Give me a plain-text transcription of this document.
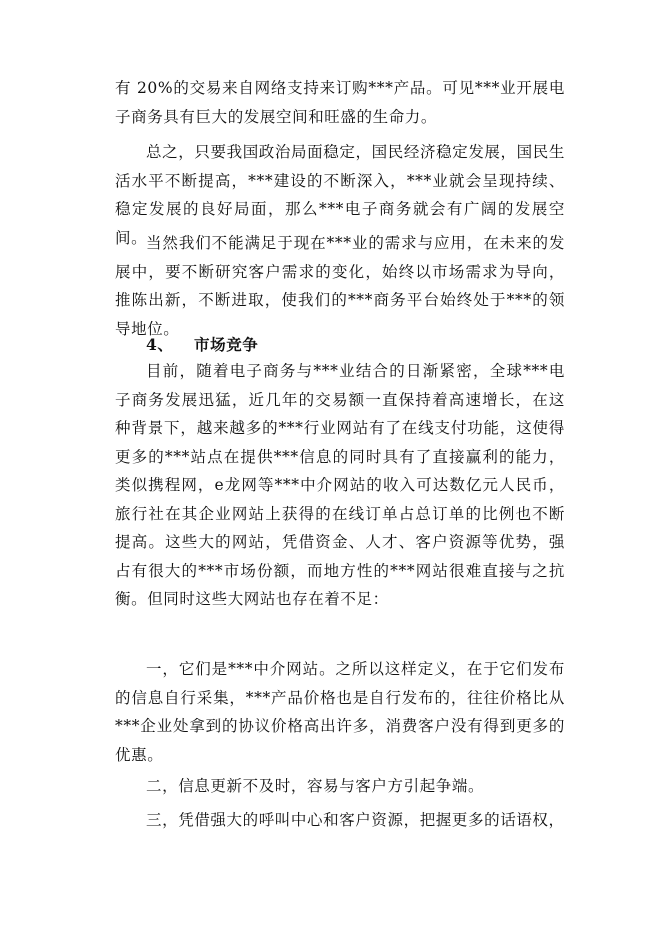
有 20%的交易来自网络支持来订购***产品。可见***业开展电子商务具有巨大的发展空间和旺盛的生命力。

总之，只要我国政治局面稳定，国民经济稳定发展，国民生活水平不断提高，***建设的不断深入，***业就会呈现持续、稳定发展的良好局面，那么***电子商务就会有广阔的发展空间。

当然我们不能满足于现在***业的需求与应用，在未来的发展中，要不断研究客户需求的变化，始终以市场需求为导向，推陈出新，不断进取，使我们的***商务平台始终处于***的领导地位。

4、 市场竞争

目前，随着电子商务与***业结合的日渐紧密，全球***电子商务发展迅猛，近几年的交易额一直保持着高速增长，在这种背景下，越来越多的***行业网站有了在线支付功能，这使得更多的***站点在提供***信息的同时具有了直接赢利的能力，类似携程网，e龙网等***中介网站的收入可达数亿元人民币，旅行社在其企业网站上获得的在线订单占总订单的比例也不断提高。这些大的网站，凭借资金、人才、客户资源等优势，强占有很大的***市场份额，而地方性的***网站很难直接与之抗衡。但同时这些大网站也存在着不足：

一，它们是***中介网站。之所以这样定义，在于它们发布的信息自行采集，***产品价格也是自行发布的，往往价格比从***企业处拿到的协议价格高出许多，消费客户没有得到更多的优惠。

二，信息更新不及时，容易与客户方引起争端。

三，凭借强大的呼叫中心和客户资源，把握更多的话语权，
